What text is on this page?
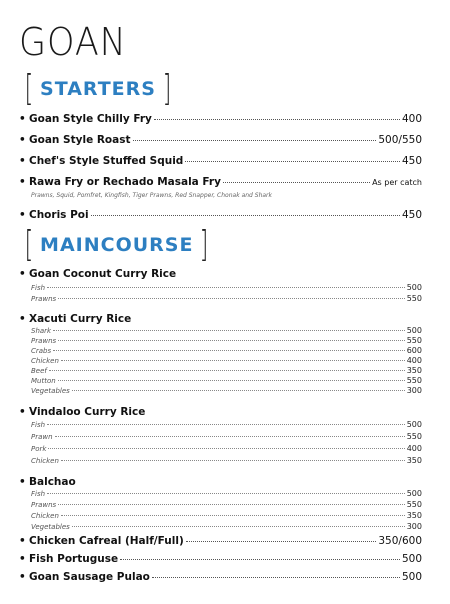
GOAN
[ STARTERS ]
• Goan Style Chilly Fry	400
• Goan Style Roast	500/550
• Chef's Style Stuffed Squid	450
• Rawa Fry or Rechado Masala Fry	As per catch
Prawns, Squid, Pomfret, Kingfish, Tiger Prawns, Red Snapper, Chonak and Shark
• Choris Poi	450
[ MAINCOURSE ]
• Goan Coconut Curry Rice
Fish	500
Prawns	550
• Xacuti Curry Rice
Shark	500
Prawns	550
Crabs	600
Chicken	400
Beef	350
Mutton	550
Vegetables	300
• Vindaloo Curry Rice
Fish	500
Prawn	550
Pork	400
Chicken	350
• Balchao
Fish	500
Prawns	550
Chicken	350
Vegetables	300
• Chicken Cafreal (Half/Full)	350/600
• Fish Portuguse	500
• Goan Sausage Pulao	500
